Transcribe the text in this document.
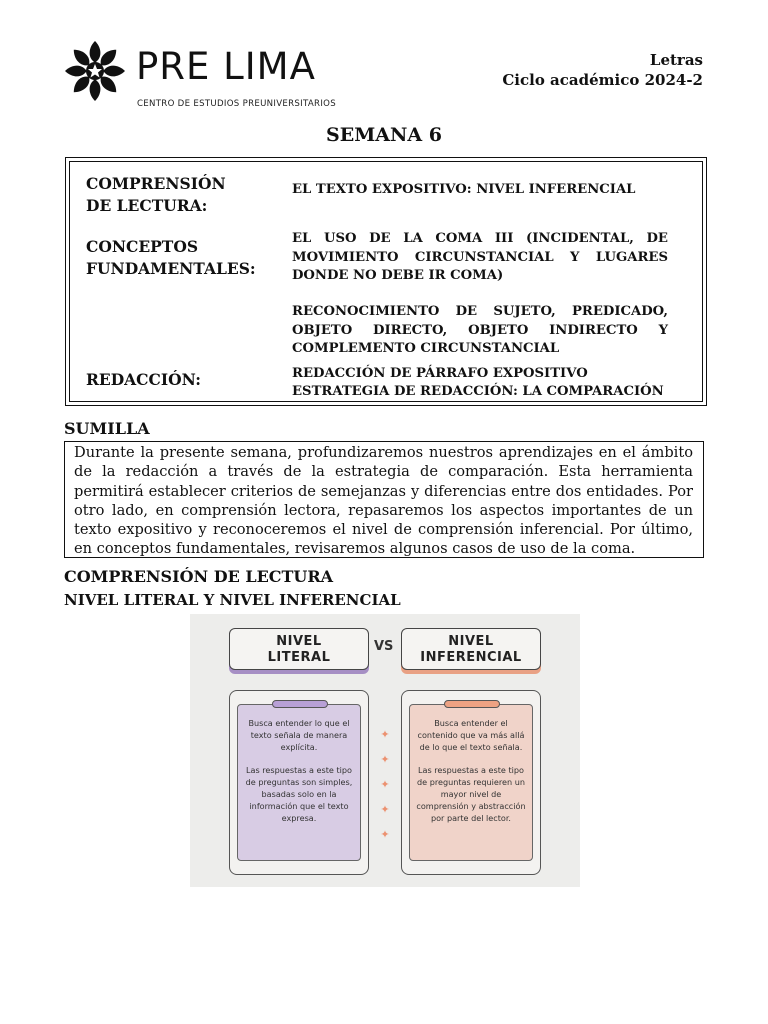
PRE LIMA
CENTRO DE ESTUDIOS PREUNIVERSITARIOS
Letras
Ciclo académico 2024-2
SEMANA 6
COMPRENSIÓN DE LECTURA:
EL TEXTO EXPOSITIVO: NIVEL INFERENCIAL
CONCEPTOS FUNDAMENTALES:
EL USO DE LA COMA III (INCIDENTAL, DE MOVIMIENTO CIRCUNSTANCIAL Y LUGARES DONDE NO DEBE IR COMA)
RECONOCIMIENTO DE SUJETO, PREDICADO, OBJETO DIRECTO, OBJETO INDIRECTO Y COMPLEMENTO CIRCUNSTANCIAL
REDACCIÓN:	REDACCIÓN DE PÁRRAFO EXPOSITIVO
ESTRATEGIA DE REDACCIÓN: LA COMPARACIÓN
SUMILLA
Durante la presente semana, profundizaremos nuestros aprendizajes en el ámbito de la redacción a través de la estrategia de comparación. Esta herramienta permitirá establecer criterios de semejanzas y diferencias entre dos entidades. Por otro lado, en comprensión lectora, repasaremos los aspectos importantes de un texto expositivo y reconoceremos el nivel de comprensión inferencial. Por último, en conceptos fundamentales, revisaremos algunos casos de uso de la coma.
COMPRENSIÓN DE LECTURA
NIVEL LITERAL Y NIVEL INFERENCIAL
NIVEL
LITERAL
VS	NIVEL
INFERENCIAL

Busca entender lo que el texto señala de manera explícita.

Las respuestas a este tipo de preguntas son simples, basadas solo en la información que el texto expresa.

✦
✦
✦
✦
✦

Busca entender el contenido que va más allá de lo que el texto señala.

Las respuestas a este tipo de preguntas requieren un mayor nivel de comprensión y abstracción por parte del lector.
